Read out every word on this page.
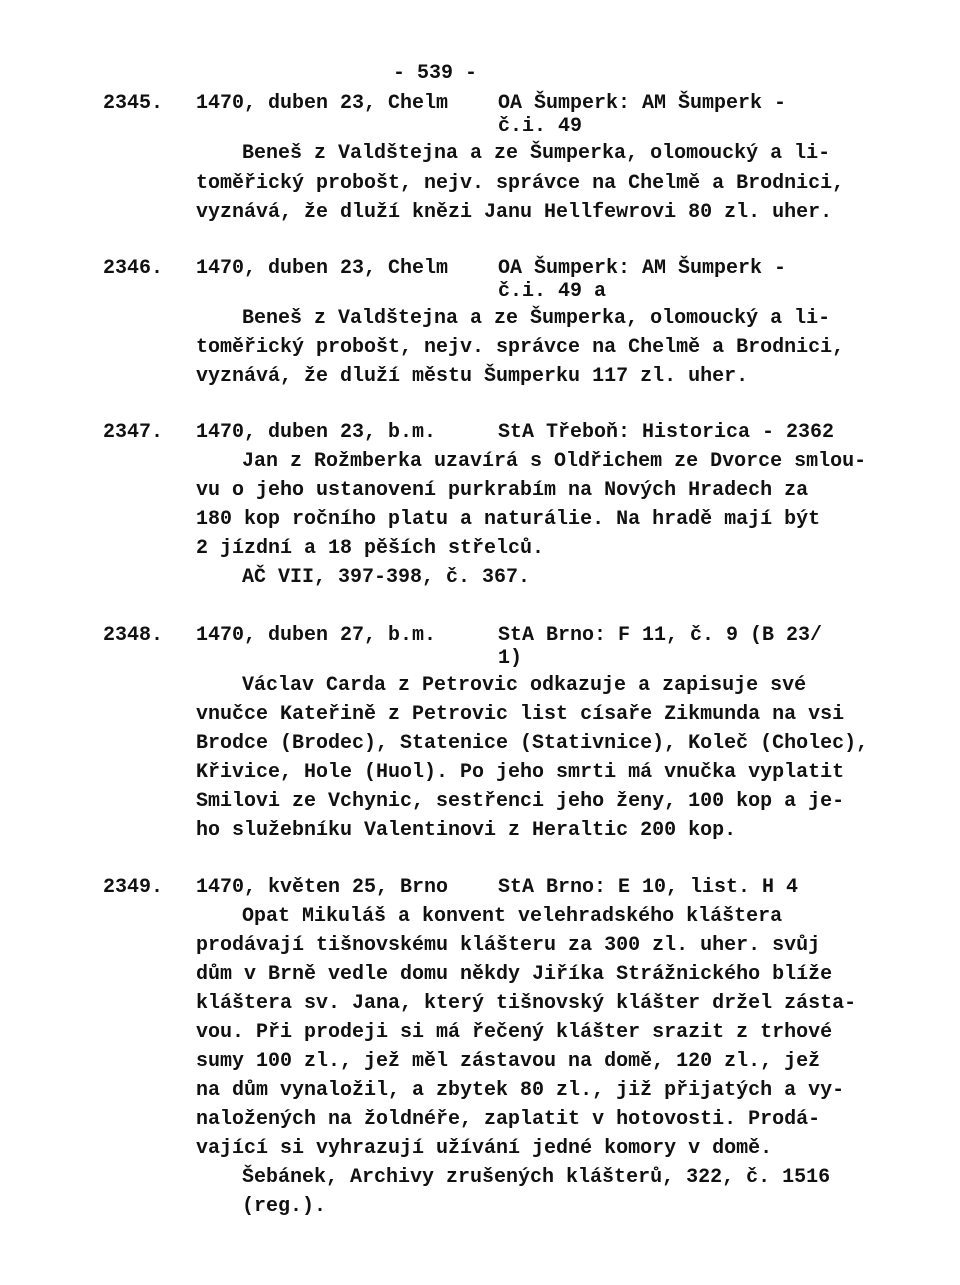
- 539 -
2345. 1470, duben 23, Chelm OA Šumperk: AM Šumperk -
č.i. 49
Beneš z Valdštejna a ze Šumperka, olomoucký a li-
toměřický probošt, nejv. správce na Chelmě a Brodnici,
vyznává, že dluží knězi Janu Hellfewrovi 80 zl. uher.
2346. 1470, duben 23, Chelm OA Šumperk: AM Šumperk -
č.i. 49 a
Beneš z Valdštejna a ze Šumperka, olomoucký a li-
toměřický probošt, nejv. správce na Chelmě a Brodnici,
vyznává, že dluží městu Šumperku 117 zl. uher.
2347. 1470, duben 23, b.m.	StA Třeboň: Historica - 2362
Jan z Rožmberka uzavírá s Oldřichem ze Dvorce smlou-
vu o jeho ustanovení purkrabím na Nových Hradech za
180 kop ročního platu a naturálie. Na hradě mají být
2 jízdní a 18 pěších střelců.
AČ VII, 397-398, č. 367.
2348. 1470, duben 27, b.m.	StA Brno: F 11, č. 9 (B 23/
1)
Václav Carda z Petrovic odkazuje a zapisuje své
vnučce Kateřině z Petrovic list císaře Zikmunda na vsi
Brodce (Brodec), Statenice (Stativnice), Koleč (Cholec),
Křivice, Hole (Huol). Po jeho smrti má vnučka vyplatit
Smilovi ze Vchynic, sestřenci jeho ženy, 100 kop a je-
ho služebníku Valentinovi z Heraltic 200 kop.
2349. 1470, květen 25, Brno StA Brno: E 10, list. H 4
Opat Mikuláš a konvent velehradského kláštera
prodávají tišnovskému klášteru za 300 zl. uher. svůj
dům v Brně vedle domu někdy Jiříka Strážnického blíže
kláštera sv. Jana, který tišnovský klášter držel zásta-
vou. Při prodeji si má řečený klášter srazit z trhové
sumy 100 zl., jež měl zástavou na domě, 120 zl., jež
na dům vynaložil, a zbytek 80 zl., již přijatých a vy-
naložených na žoldnéře, zaplatit v hotovosti. Prodá-
vající si vyhrazují užívání jedné komory v domě.
Šebánek, Archivy zrušených klášterů, 322, č. 1516
(reg.).
